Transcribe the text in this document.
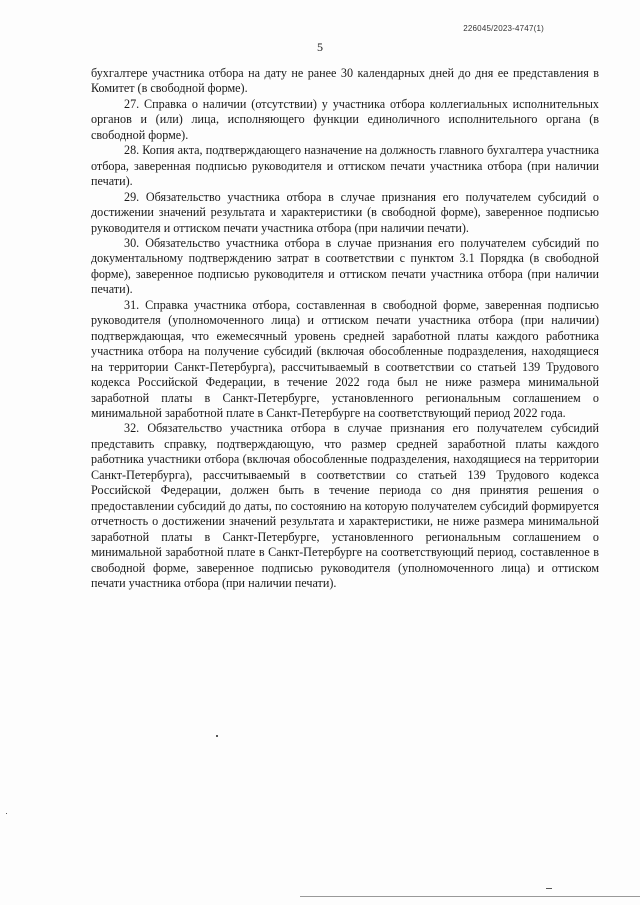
226045/2023-4747(1)
5

бухгалтере участника отбора на дату не ранее 30 календарных дней до дня ее представления в Комитет (в свободной форме).

27. Справка о наличии (отсутствии) у участника отбора коллегиальных исполнительных органов и (или) лица, исполняющего функции единоличного исполнительного органа (в свободной форме).

28. Копия акта, подтверждающего назначение на должность главного бухгалтера участника отбора, заверенная подписью руководителя и оттиском печати участника отбора (при наличии печати).

29. Обязательство участника отбора в случае признания его получателем субсидий о достижении значений результата и характеристики (в свободной форме), заверенное подписью руководителя и оттиском печати участника отбора (при наличии печати).

30. Обязательство участника отбора в случае признания его получателем субсидий по документальному подтверждению затрат в соответствии с пунктом 3.1 Порядка (в свободной форме), заверенное подписью руководителя и оттиском печати участника отбора (при наличии печати).

31. Справка участника отбора, составленная в свободной форме, заверенная подписью руководителя (уполномоченного лица) и оттиском печати участника отбора (при наличии) подтверждающая, что ежемесячный уровень средней заработной платы каждого работника участника отбора на получение субсидий (включая обособленные подразделения, находящиеся на территории Санкт-Петербурга), рассчитываемый в соответствии со статьей 139 Трудового кодекса Российской Федерации, в течение 2022 года был не ниже размера минимальной заработной платы в Санкт-Петербурге, установленного региональным соглашением о минимальной заработной плате в Санкт-Петербурге на соответствующий период 2022 года.

32. Обязательство участника отбора в случае признания его получателем субсидий представить справку, подтверждающую, что размер средней заработной платы каждого работника участники отбора (включая обособленные подразделения, находящиеся на территории Санкт-Петербурга), рассчитываемый в соответствии со статьей 139 Трудового кодекса Российской Федерации, должен быть в течение периода со дня принятия решения о предоставлении субсидий до даты, по состоянию на которую получателем субсидий формируется отчетность о достижении значений результата и характеристики, не ниже размера минимальной заработной платы в Санкт-Петербурге, установленного региональным соглашением о минимальной заработной плате в Санкт-Петербурге на соответствующий период, составленное в свободной форме, заверенное подписью руководителя (уполномоченного лица) и оттиском печати участника отбора (при наличии печати).
